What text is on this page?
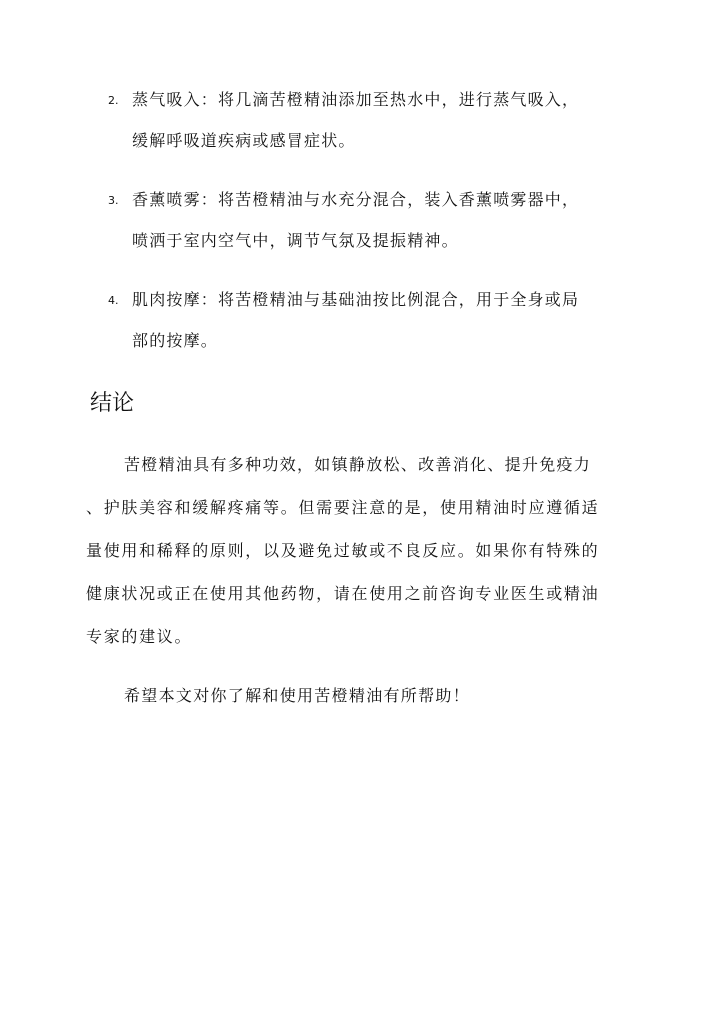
2. 蒸气吸入：将几滴苦橙精油添加至热水中，进行蒸气吸入，
缓解呼吸道疾病或感冒症状。
3. 香薰喷雾：将苦橙精油与水充分混合，装入香薰喷雾器中，
喷洒于室内空气中，调节气氛及提振精神。
4. 肌肉按摩：将苦橙精油与基础油按比例混合，用于全身或局
部的按摩。
结论
苦橙精油具有多种功效，如镇静放松、改善消化、提升免疫力
、护肤美容和缓解疼痛等。但需要注意的是，使用精油时应遵循适
量使用和稀释的原则，以及避免过敏或不良反应。如果你有特殊的
健康状况或正在使用其他药物，请在使用之前咨询专业医生或精油
专家的建议。
希望本文对你了解和使用苦橙精油有所帮助！
